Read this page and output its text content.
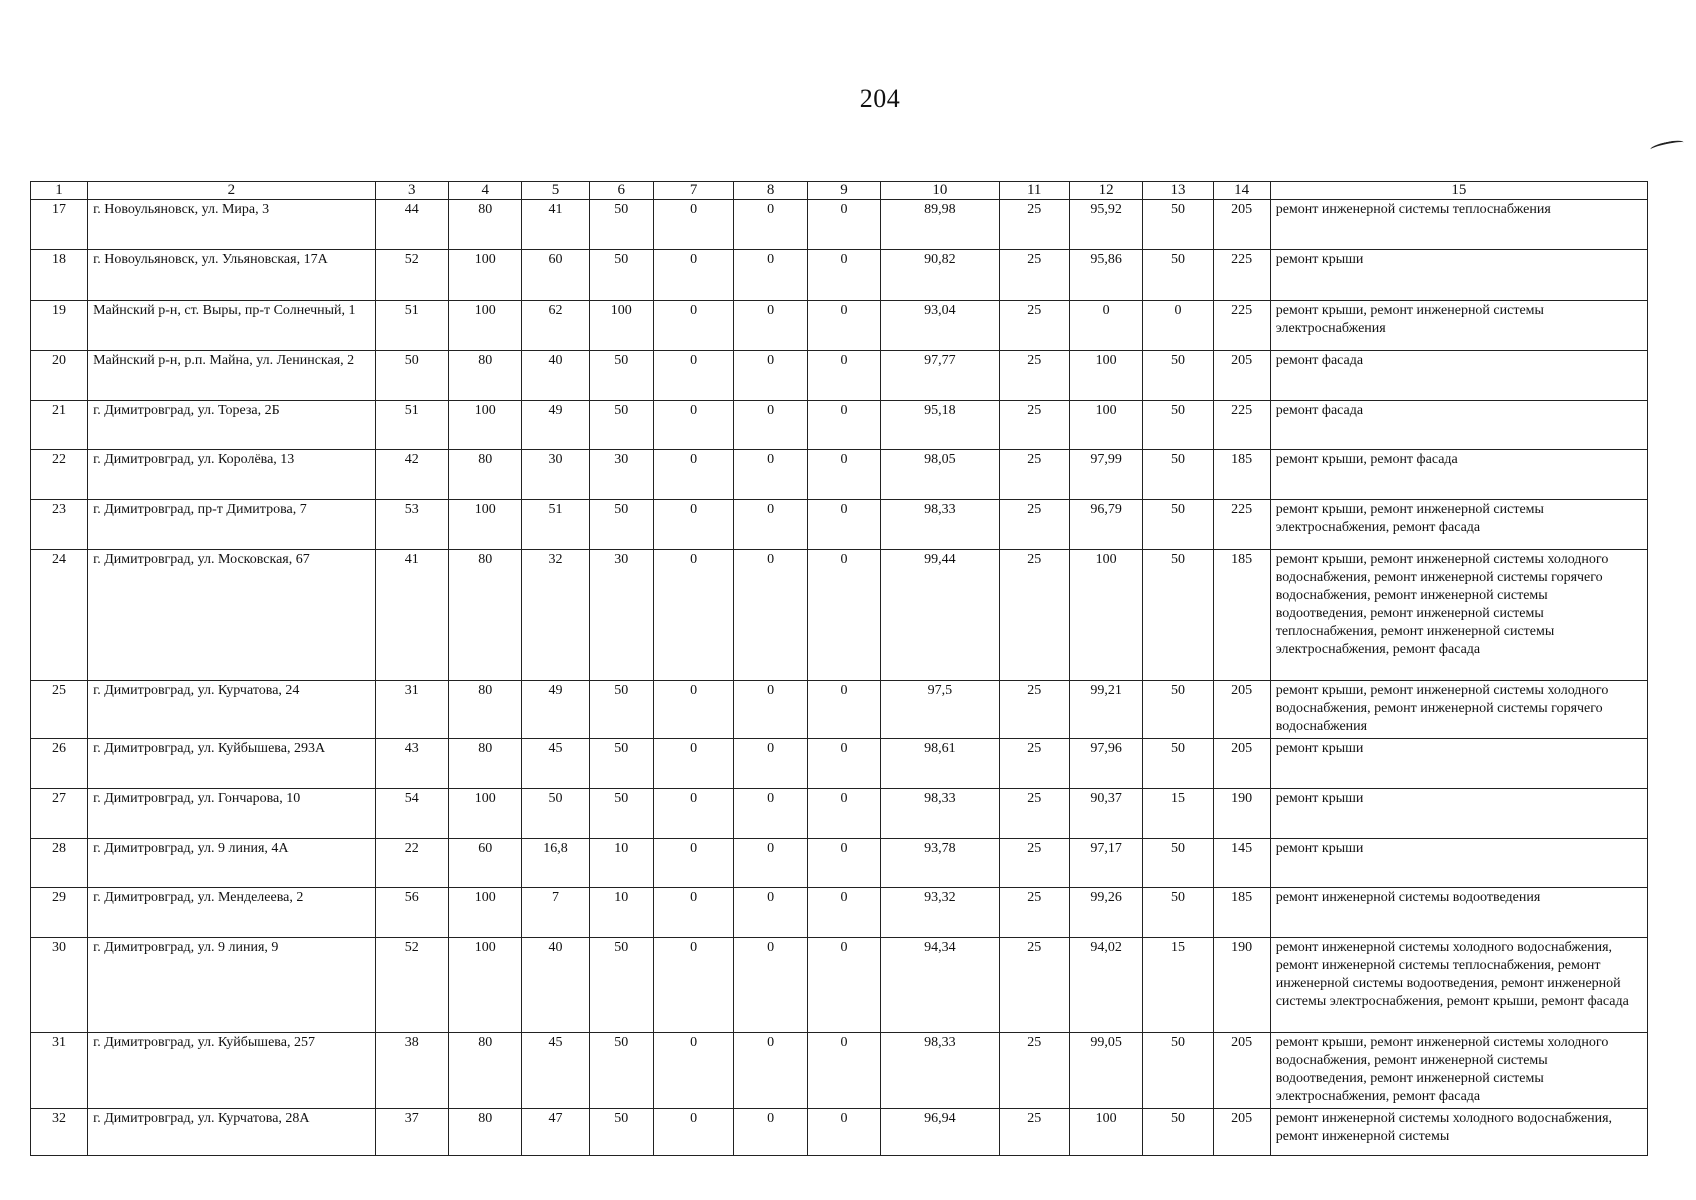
204
1	2	3	4	5	6	7	8	9	10	11	12	13	14	15
17	г. Новоульяновск, ул. Мира, 3	44	80	41	50	0	0	0	89,98	25	95,92	50	205	ремонт инженерной системы теплоснабжения
18	г. Новоульяновск, ул. Ульяновская, 17А	52	100	60	50	0	0	0	90,82	25	95,86	50	225	ремонт крыши
19	Майнский р-н, ст. Выры, пр-т Солнечный, 1	51	100	62	100	0	0	0	93,04	25	0	0	225	ремонт крыши, ремонт инженерной системы электроснабжения
20	Майнский р-н, р.п. Майна, ул. Ленинская, 2	50	80	40	50	0	0	0	97,77	25	100	50	205	ремонт фасада
21	г. Димитровград, ул. Тореза, 2Б	51	100	49	50	0	0	0	95,18	25	100	50	225	ремонт фасада
22	г. Димитровград, ул. Королёва, 13	42	80	30	30	0	0	0	98,05	25	97,99	50	185	ремонт крыши, ремонт фасада
23	г. Димитровград, пр-т Димитрова, 7	53	100	51	50	0	0	0	98,33	25	96,79	50	225	ремонт крыши, ремонт инженерной системы электроснабжения, ремонт фасада
24	г. Димитровград, ул. Московская, 67	41	80	32	30	0	0	0	99,44	25	100	50	185	ремонт крыши, ремонт инженерной системы холодного водоснабжения, ремонт инженерной системы горячего водоснабжения, ремонт инженерной системы водоотведения, ремонт инженерной системы теплоснабжения, ремонт инженерной системы электроснабжения, ремонт фасада
25	г. Димитровград, ул. Курчатова, 24	31	80	49	50	0	0	0	97,5	25	99,21	50	205	ремонт крыши, ремонт инженерной системы холодного водоснабжения, ремонт инженерной системы горячего водоснабжения
26	г. Димитровград, ул. Куйбышева, 293А	43	80	45	50	0	0	0	98,61	25	97,96	50	205	ремонт крыши
27	г. Димитровград, ул. Гончарова, 10	54	100	50	50	0	0	0	98,33	25	90,37	15	190	ремонт крыши
28	г. Димитровград, ул. 9 линия, 4А	22	60	16,8	10	0	0	0	93,78	25	97,17	50	145	ремонт крыши
29	г. Димитровград, ул. Менделеева, 2	56	100	7	10	0	0	0	93,32	25	99,26	50	185	ремонт инженерной системы водоотведения
30	г. Димитровград, ул. 9 линия, 9	52	100	40	50	0	0	0	94,34	25	94,02	15	190	ремонт инженерной системы холодного водоснабжения, ремонт инженерной системы теплоснабжения, ремонт инженерной системы водоотведения, ремонт инженерной системы электроснабжения, ремонт крыши, ремонт фасада
31	г. Димитровград, ул. Куйбышева, 257	38	80	45	50	0	0	0	98,33	25	99,05	50	205	ремонт крыши, ремонт инженерной системы холодного водоснабжения, ремонт инженерной системы водоотведения, ремонт инженерной системы электроснабжения, ремонт фасада
32	г. Димитровград, ул. Курчатова, 28А	37	80	47	50	0	0	0	96,94	25	100	50	205	ремонт инженерной системы холодного водоснабжения, ремонт инженерной системы
